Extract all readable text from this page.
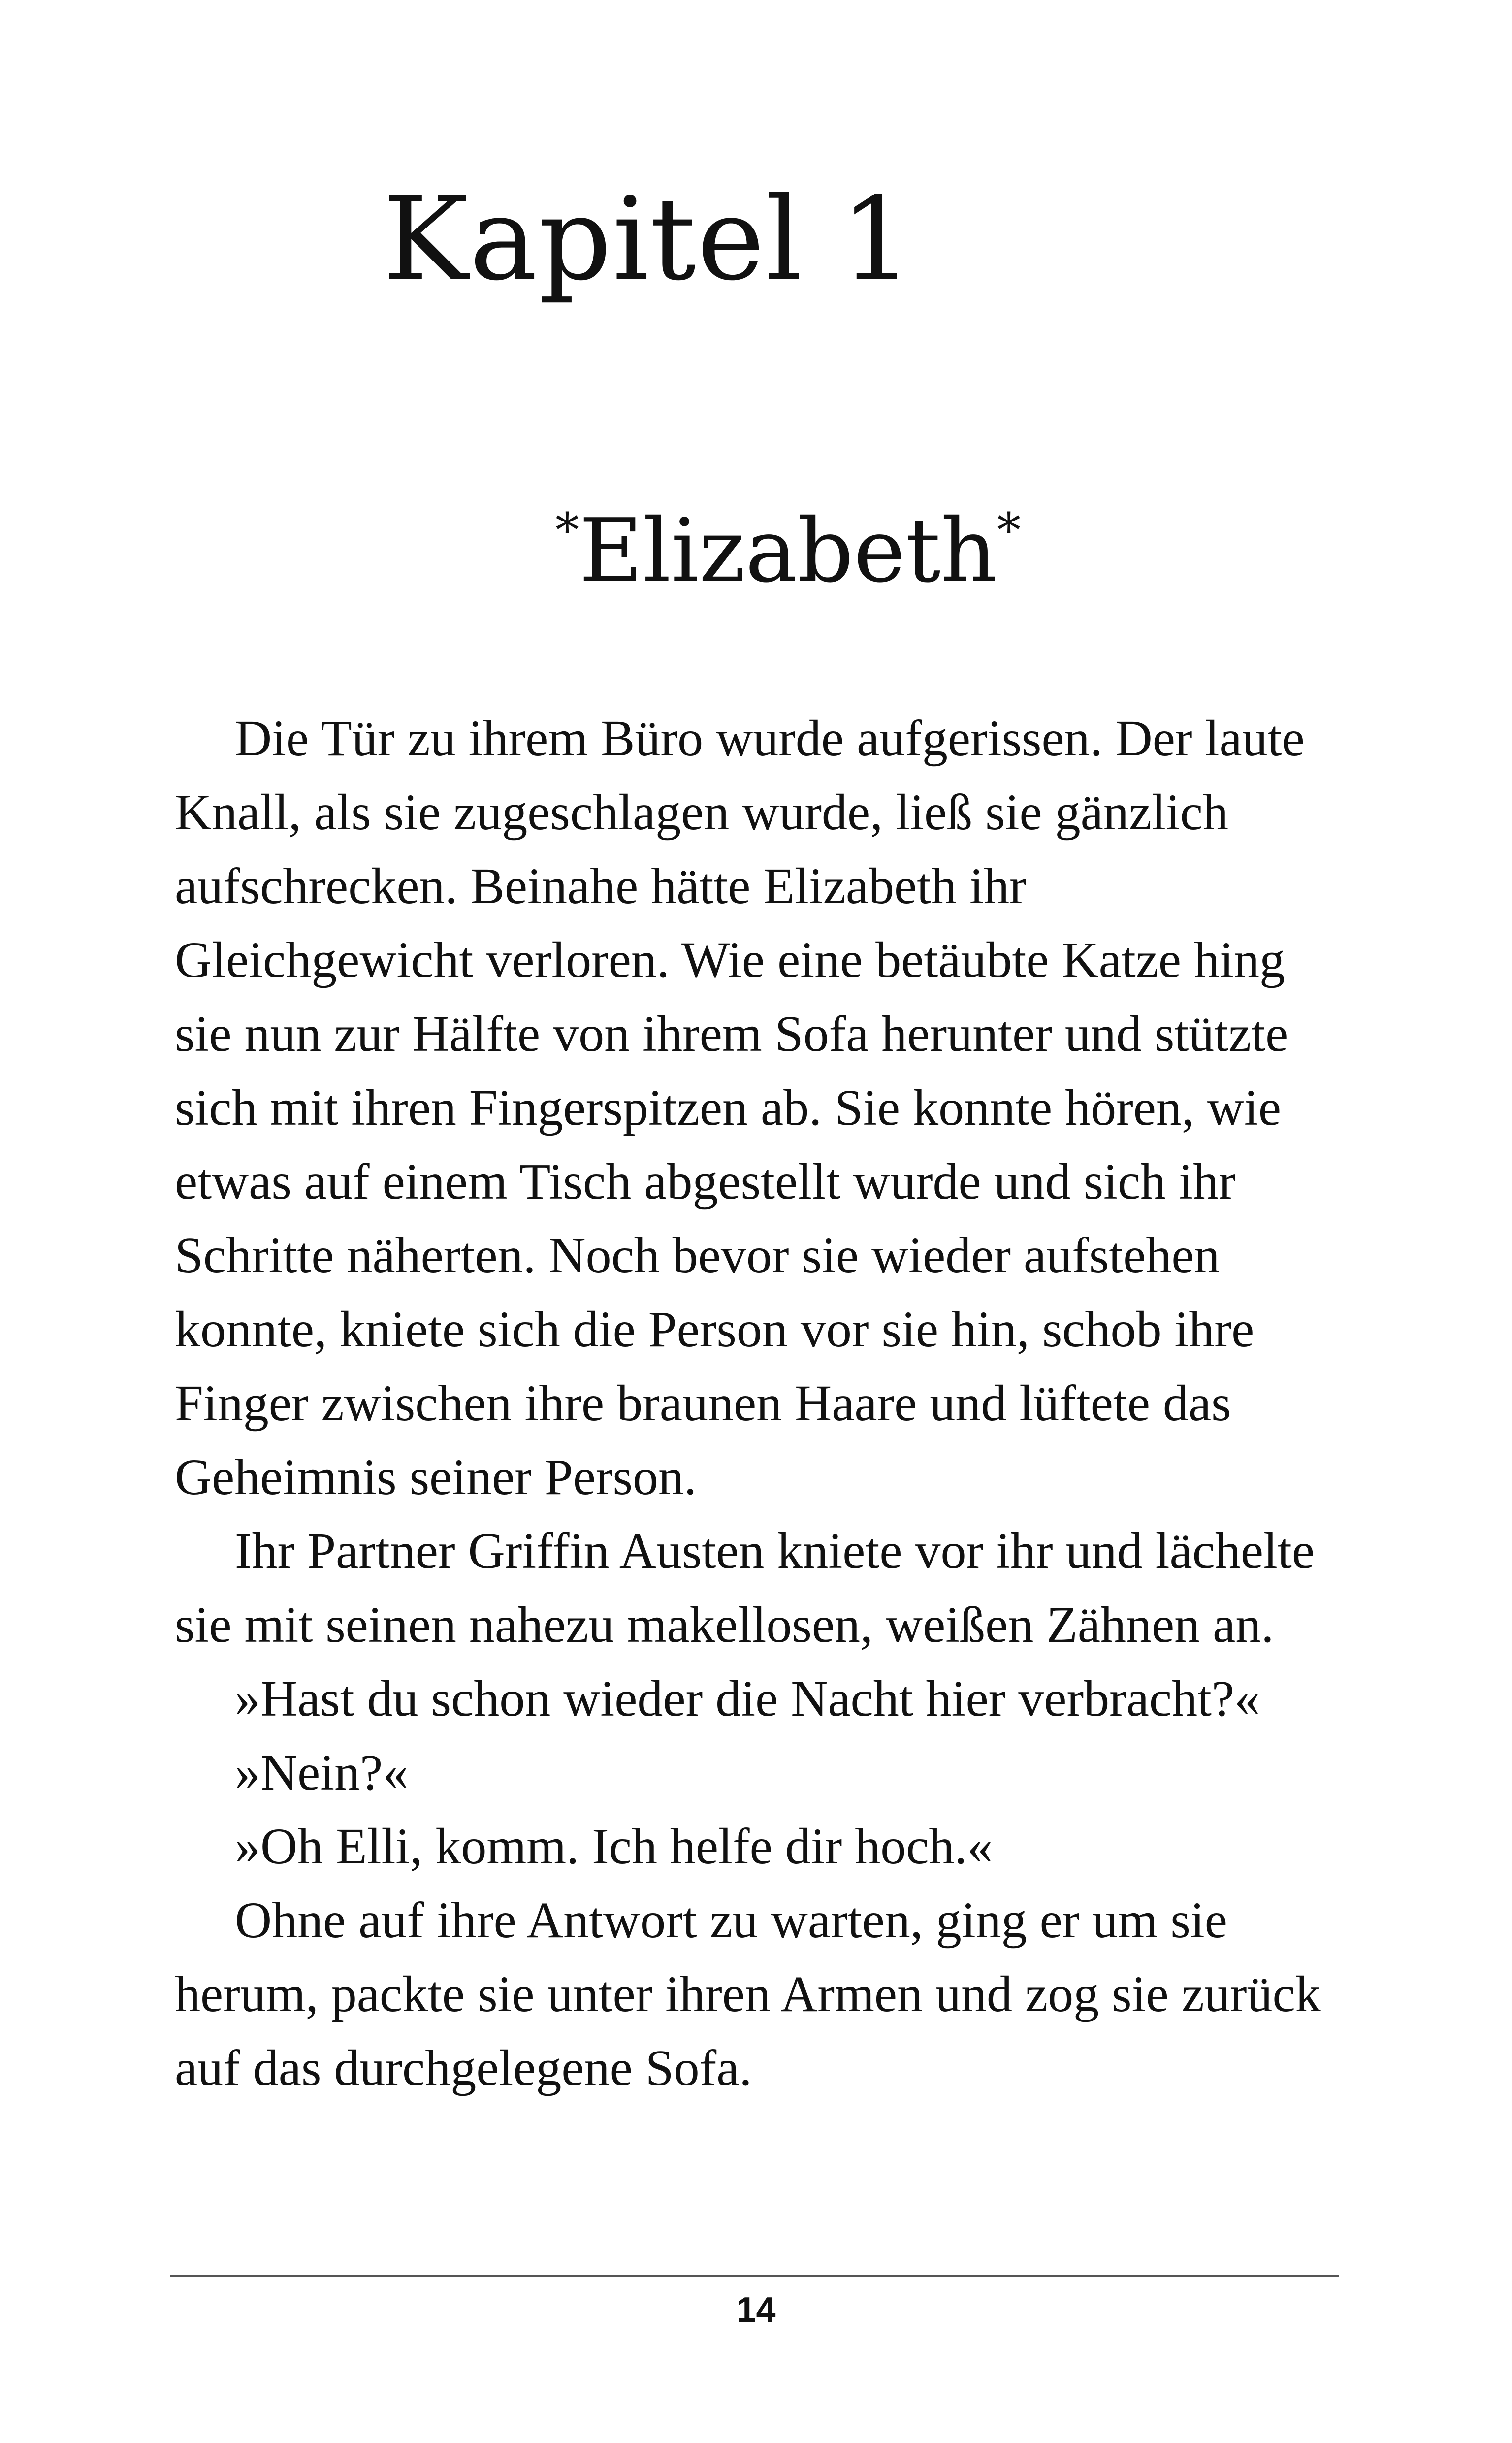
Kapitel 1
*Elizabeth*

Die Tür zu ihrem Büro wurde aufgerissen. Der laute Knall, als sie zugeschlagen wurde, ließ sie gänzlich aufschrecken. Beinahe hätte Elizabeth ihr Gleichgewicht verloren. Wie eine betäubte Katze hing sie nun zur Hälfte von ihrem Sofa herunter und stützte sich mit ihren Fingerspitzen ab. Sie konnte hören, wie etwas auf einem Tisch abgestellt wurde und sich ihr Schritte näherten. Noch bevor sie wieder aufstehen konnte, kniete sich die Person vor sie hin, schob ihre Finger zwischen ihre braunen Haare und lüftete das Geheimnis seiner Person.

Ihr Partner Griffin Austen kniete vor ihr und lächelte sie mit seinen nahezu makellosen, weißen Zähnen an.

»Hast du schon wieder die Nacht hier verbracht?«

»Nein?«

»Oh Elli, komm. Ich helfe dir hoch.«

Ohne auf ihre Antwort zu warten, ging er um sie herum, packte sie unter ihren Armen und zog sie zurück auf das durchgelegene Sofa.

14
